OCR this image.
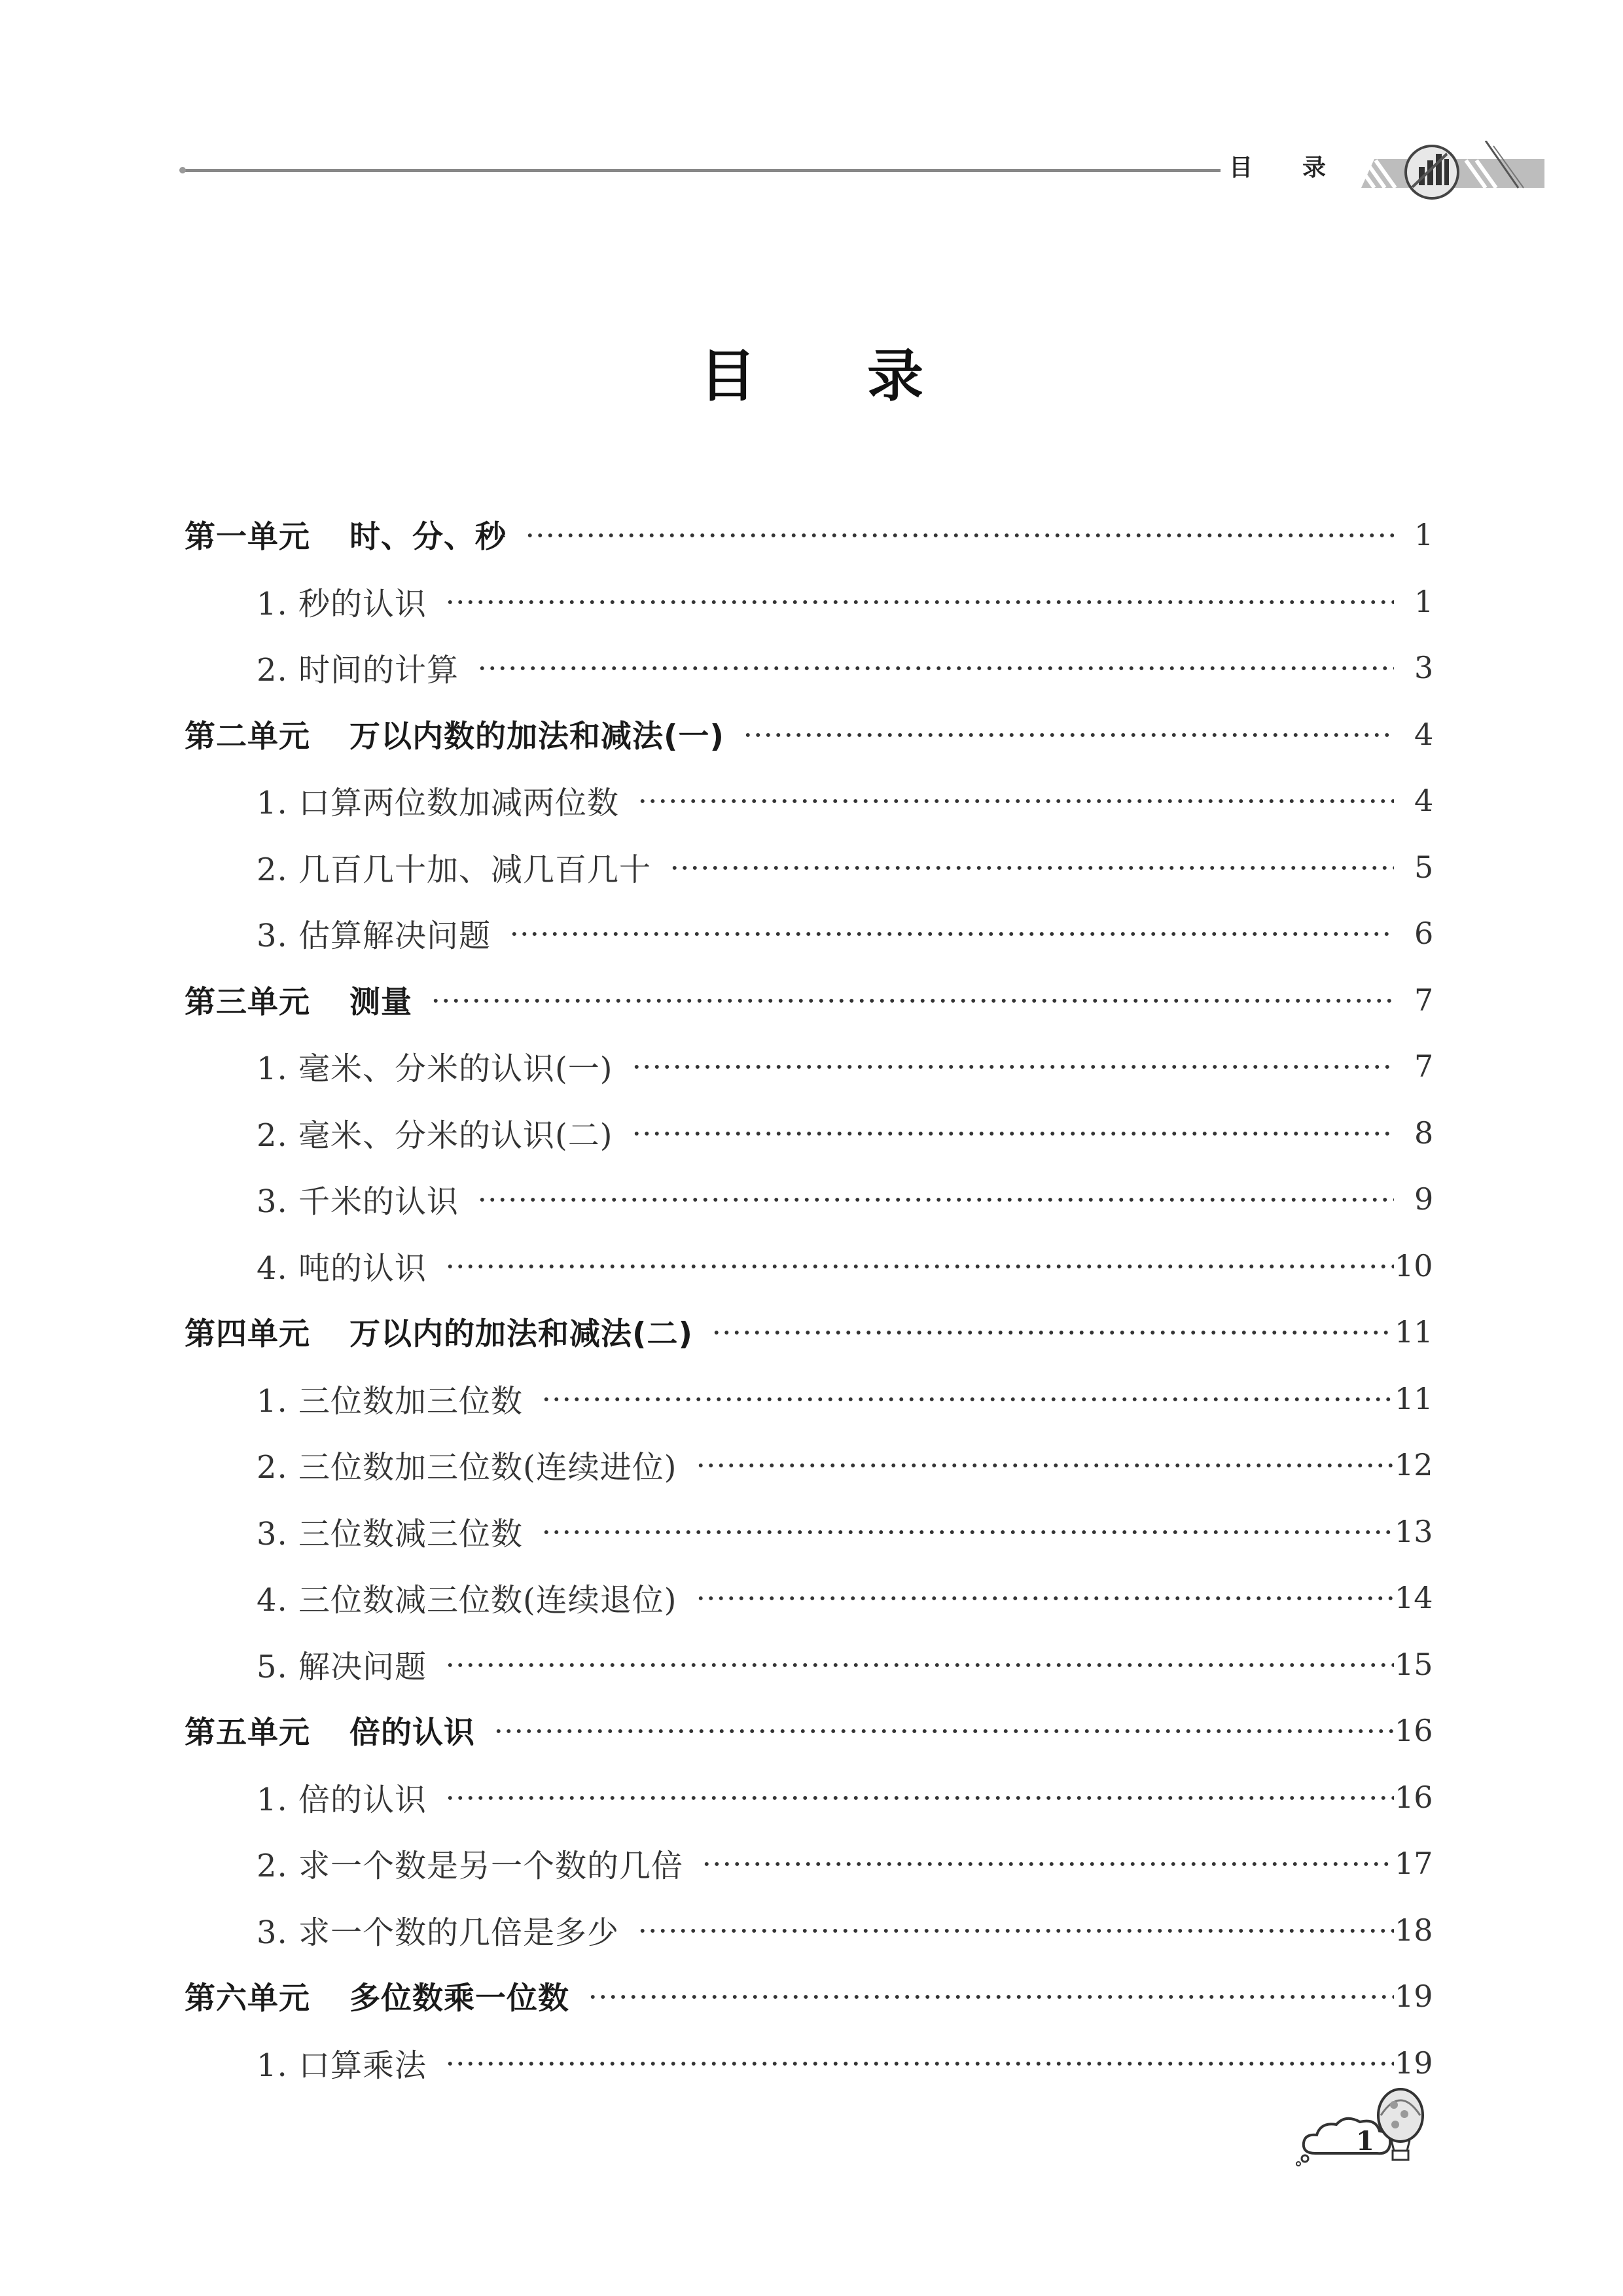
目 录
目 录
第一单元 时、分、秒	1
1. 秒的认识	1
2. 时间的计算	3
第二单元 万以内数的加法和减法(一)	4
1. 口算两位数加减两位数	4
2. 几百几十加、减几百几十	5
3. 估算解决问题	6
第三单元 测量	7
1. 毫米、分米的认识(一)	7
2. 毫米、分米的认识(二)	8
3. 千米的认识	9
4. 吨的认识	10
第四单元 万以内的加法和减法(二)	11
1. 三位数加三位数	11
2. 三位数加三位数(连续进位)	12
3. 三位数减三位数	13
4. 三位数减三位数(连续退位)	14
5. 解决问题	15
第五单元 倍的认识	16
1. 倍的认识	16
2. 求一个数是另一个数的几倍	17
3. 求一个数的几倍是多少	18
第六单元 多位数乘一位数	19
1. 口算乘法	19
1
